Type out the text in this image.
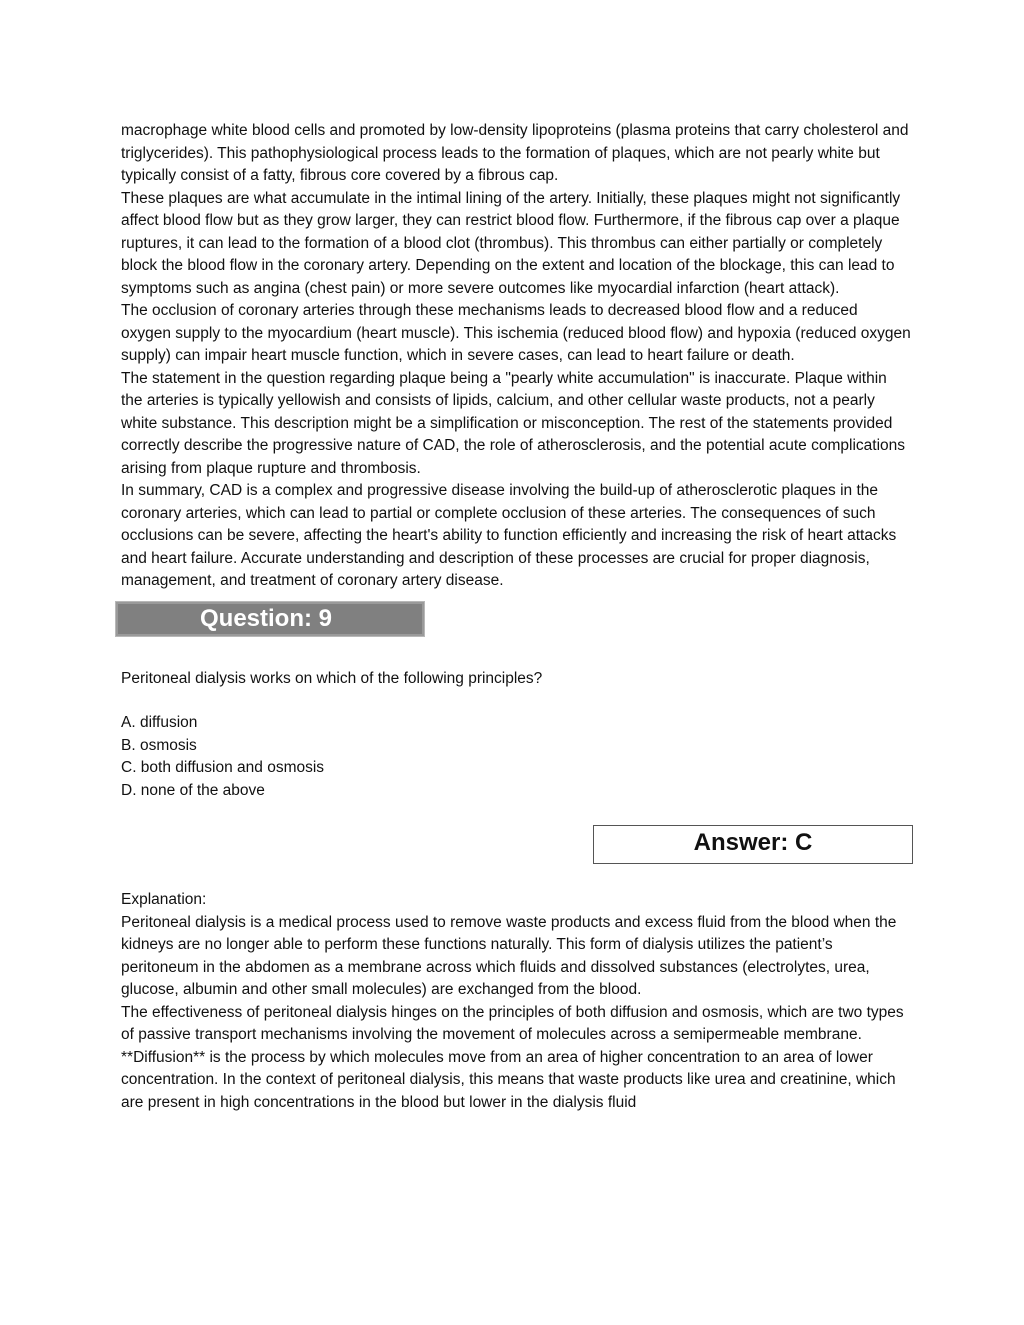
macrophage white blood cells and promoted by low-density lipoproteins (plasma proteins that carry cholesterol and triglycerides). This pathophysiological process leads to the formation of plaques, which are not pearly white but typically consist of a fatty, fibrous core covered by a fibrous cap.

These plaques are what accumulate in the intimal lining of the artery. Initially, these plaques might not significantly affect blood flow but as they grow larger, they can restrict blood flow. Furthermore, if the fibrous cap over a plaque ruptures, it can lead to the formation of a blood clot (thrombus). This thrombus can either partially or completely block the blood flow in the coronary artery. Depending on the extent and location of the blockage, this can lead to symptoms such as angina (chest pain) or more severe outcomes like myocardial infarction (heart attack).

The occlusion of coronary arteries through these mechanisms leads to decreased blood flow and a reduced oxygen supply to the myocardium (heart muscle). This ischemia (reduced blood flow) and hypoxia (reduced oxygen supply) can impair heart muscle function, which in severe cases, can lead to heart failure or death.

The statement in the question regarding plaque being a "pearly white accumulation" is inaccurate. Plaque within the arteries is typically yellowish and consists of lipids, calcium, and other cellular waste products, not a pearly white substance. This description might be a simplification or misconception. The rest of the statements provided correctly describe the progressive nature of CAD, the role of atherosclerosis, and the potential acute complications arising from plaque rupture and thrombosis.

In summary, CAD is a complex and progressive disease involving the build-up of atherosclerotic plaques in the coronary arteries, which can lead to partial or complete occlusion of these arteries. The consequences of such occlusions can be severe, affecting the heart's ability to function efficiently and increasing the risk of heart attacks and heart failure. Accurate understanding and description of these processes are crucial for proper diagnosis, management, and treatment of coronary artery disease.

Question: 9
Peritoneal dialysis works on which of the following principles?
A. diffusion
B. osmosis
C. both diffusion and osmosis
D. none of the above
Answer: C

Explanation:

Peritoneal dialysis is a medical process used to remove waste products and excess fluid from the blood when the kidneys are no longer able to perform these functions naturally. This form of dialysis utilizes the patient’s peritoneum in the abdomen as a membrane across which fluids and dissolved substances (electrolytes, urea, glucose, albumin and other small molecules) are exchanged from the blood.

The effectiveness of peritoneal dialysis hinges on the principles of both diffusion and osmosis, which are two types of passive transport mechanisms involving the movement of molecules across a semipermeable membrane.

**Diffusion** is the process by which molecules move from an area of higher concentration to an area of lower concentration. In the context of peritoneal dialysis, this means that waste products like urea and creatinine, which are present in high concentrations in the blood but lower in the dialysis fluid
